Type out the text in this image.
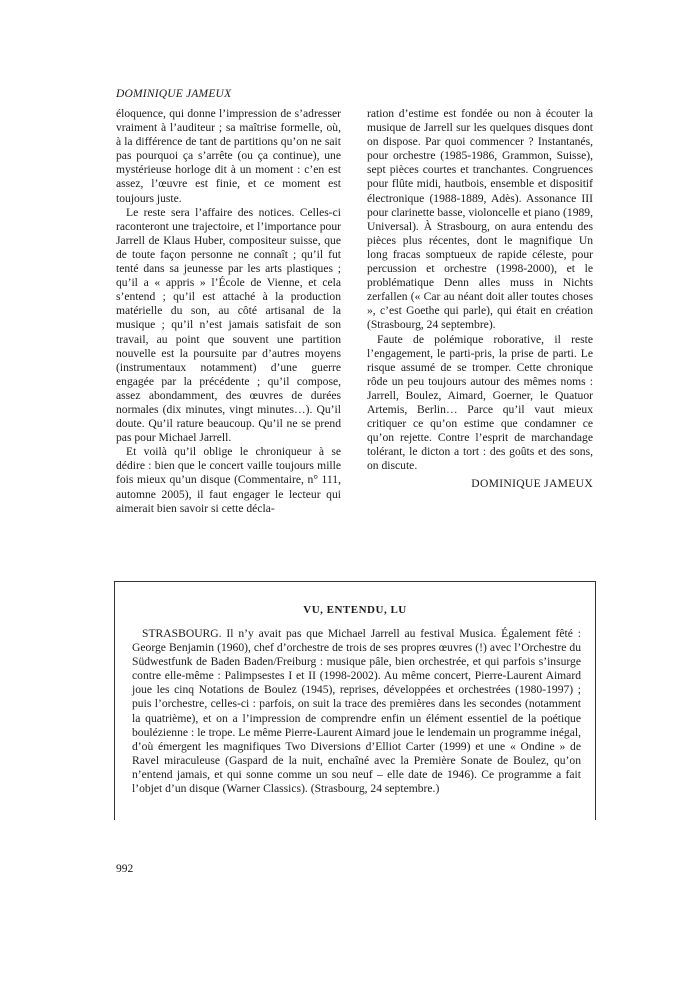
DOMINIQUE JAMEUX

éloquence, qui donne l’impression de s’adresser vraiment à l’auditeur ; sa maîtrise formelle, où, à la différence de tant de partitions qu’on ne sait pas pourquoi ça s’arrête (ou ça continue), une mystérieuse horloge dit à un moment : c’en est assez, l’œuvre est finie, et ce moment est toujours juste.

Le reste sera l’affaire des notices. Celles-ci raconteront une trajectoire, et l’importance pour Jarrell de Klaus Huber, compositeur suisse, que de toute façon personne ne connaît ; qu’il fut tenté dans sa jeunesse par les arts plastiques ; qu’il a « appris » l’École de Vienne, et cela s’entend ; qu’il est attaché à la production matérielle du son, au côté artisanal de la musique ; qu’il n’est jamais satisfait de son travail, au point que souvent une partition nouvelle est la poursuite par d’autres moyens (instrumentaux notamment) d’une guerre engagée par la précédente ; qu’il compose, assez abondamment, des œuvres de durées normales (dix minutes, vingt minutes…). Qu’il doute. Qu’il rature beaucoup. Qu’il ne se prend pas pour Michael Jarrell.

Et voilà qu’il oblige le chroniqueur à se dédire : bien que le concert vaille toujours mille fois mieux qu’un disque (Commentaire, n° 111, automne 2005), il faut engager le lecteur qui aimerait bien savoir si cette décla-

ration d’estime est fondée ou non à écouter la musique de Jarrell sur les quelques disques dont on dispose. Par quoi commencer ? Instantanés, pour orchestre (1985-1986, Grammon, Suisse), sept pièces courtes et tranchantes. Congruences pour flûte midi, hautbois, ensemble et dispositif électronique (1988-1889, Adès). Assonance III pour clarinette basse, violoncelle et piano (1989, Universal). À Strasbourg, on aura entendu des pièces plus récentes, dont le magnifique Un long fracas somptueux de rapide céleste, pour percussion et orchestre (1998-2000), et le problématique Denn alles muss in Nichts zerfallen (« Car au néant doit aller toutes choses », c’est Goethe qui parle), qui était en création (Strasbourg, 24 septembre).

Faute de polémique roborative, il reste l’engagement, le parti-pris, la prise de parti. Le risque assumé de se tromper. Cette chronique rôde un peu toujours autour des mêmes noms : Jarrell, Boulez, Aimard, Goerner, le Quatuor Artemis, Berlin… Parce qu’il vaut mieux critiquer ce qu’on estime que condamner ce qu’on rejette. Contre l’esprit de marchandage tolérant, le dicton a tort : des goûts et des sons, on discute.

DOMINIQUE JAMEUX

VU, ENTENDU, LU

STRASBOURG. Il n’y avait pas que Michael Jarrell au festival Musica. Également fêté : George Benjamin (1960), chef d’orchestre de trois de ses propres œuvres (!) avec l’Orchestre du Südwestfunk de Baden Baden/Freiburg : musique pâle, bien orchestrée, et qui parfois s’insurge contre elle-même : Palimpsestes I et II (1998-2002). Au même concert, Pierre-Laurent Aimard joue les cinq Notations de Boulez (1945), reprises, développées et orchestrées (1980-1997) ; puis l’orchestre, celles-ci : parfois, on suit la trace des premières dans les secondes (notamment la quatrième), et on a l’impression de comprendre enfin un élément essentiel de la poétique boulézienne : le trope. Le même Pierre-Laurent Aimard joue le lendemain un programme inégal, d’où émergent les magnifiques Two Diversions d’Elliot Carter (1999) et une « Ondine » de Ravel miraculeuse (Gaspard de la nuit, enchaîné avec la Première Sonate de Boulez, qu’on n’entend jamais, et qui sonne comme un sou neuf – elle date de 1946). Ce programme a fait l’objet d’un disque (Warner Classics). (Strasbourg, 24 septembre.)

992
